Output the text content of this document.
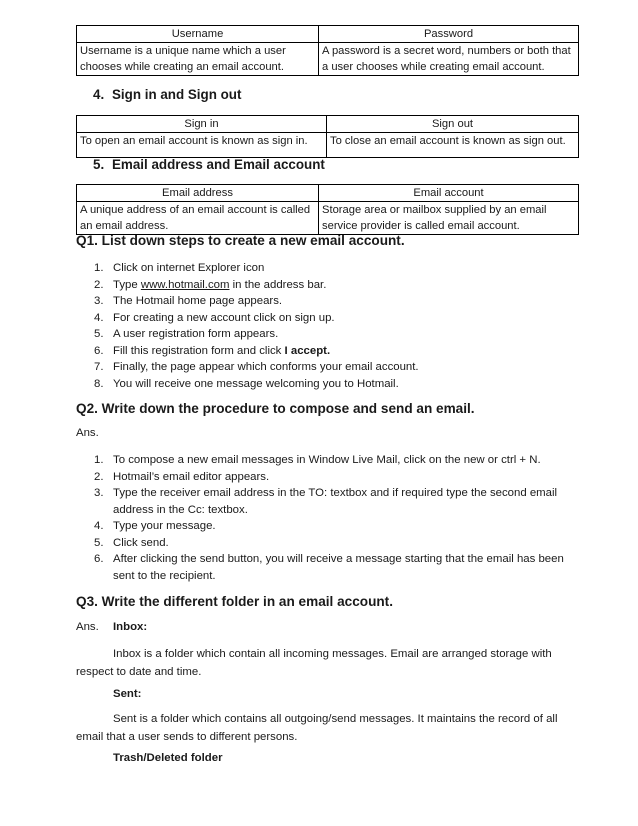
Username	Password
Username is a unique name which a user chooses while creating an email account.	A password is a secret word, numbers or both that a user chooses while creating email account.
4. Sign in and Sign out
Sign in	Sign out
To open an email account is known as sign in.	To close an email account is known as sign out.
5. Email address and Email account
Email address	Email account
A unique address of an email account is called an email address.	Storage area or mailbox supplied by an email service provider is called email account.
Q1. List down steps to create a new email account.
1. Click on internet Explorer icon
2. Type www.hotmail.com in the address bar.
3. The Hotmail home page appears.
4. For creating a new account click on sign up.
5. A user registration form appears.
6. Fill this registration form and click I accept.
7. Finally, the page appear which conforms your email account.
8. You will receive one message welcoming you to Hotmail.
Q2. Write down the procedure to compose and send an email.
Ans.
1. To compose a new email messages in Window Live Mail, click on the new or ctrl + N.
2. Hotmail’s email editor appears.
3. Type the receiver email address in the TO: textbox and if required type the second email address in the Cc: textbox.
4. Type your message.
5. Click send.
6. After clicking the send button, you will receive a message starting that the email has been sent to the recipient.
Q3. Write the different folder in an email account.
Ans. Inbox:

Inbox is a folder which contain all incoming messages. Email are arranged storage with respect to date and time.

Sent:

Sent is a folder which contains all outgoing/send messages. It maintains the record of all email that a user sends to different persons.

Trash/Deleted folder
